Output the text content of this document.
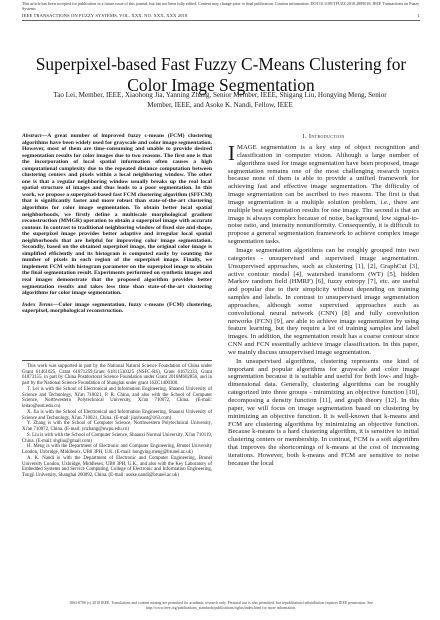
This article has been accepted for publication in a future issue of this journal, but has not been fully edited. Content may change prior to final publication. Citation information: DOI 10.1109/TFUZZ.2018.2889018, IEEE Transactions on Fuzzy Systems
IEEE TRANSACTIONS ON FUZZY SYSTEMS, VOL. XXX, NO. XXX, XXX 2018	1
Superpixel-based Fast Fuzzy C-Means Clustering for Color Image Segmentation
Tao Lei, Member, IEEE, Xiaohong Jia, Yanning Zhang, Senior Member, IEEE, Shigang Liu, Hongying Meng, Senior Member, IEEE, and Asoke K. Nandi, Fellow, IEEE

Abstract—A great number of improved fuzzy c-means (FCM) clustering algorithms have been widely used for grayscale and color image segmentation. However, most of them are time-consuming and unable to provide desired segmentation results for color images due to two reasons. The first one is that the incorporation of local spatial information often causes a high computational complexity due to the repeated distance computation between clustering centers and pixels within a local neighboring window. The other one is that a regular neighboring window usually breaks up the real local spatial structure of images and thus leads to a poor segmentation. In this work, we propose a superpixel-based fast FCM clustering algorithm (SFFCM) that is significantly faster and more robust than state-of-the-art clustering algorithms for color image segmentation. To obtain better local spatial neighborhoods, we firstly define a multiscale morphological gradient reconstruction (MMGR) operation to obtain a superpixel image with accurate contour. In contrast to traditional neighboring window of fixed size and shape, the superpixel image provides better adaptive and irregular local spatial neighborhoods that are helpful for improving color image segmentation. Secondly, based on the obtained superpixel image, the original color image is simplified efficiently and its histogram is computed easily by counting the number of pixels in each region of the superpixel image. Finally, we implement FCM with histogram parameter on the superpixel image to obtain the final segmentation result. Experiments performed on synthetic images and real images demonstrate that the proposed algorithm provides better segmentation results and takes less time than state-of-the-art clustering algorithms for color image segmentation.

Index Terms—Color image segmentation, fuzzy c-means (FCM) clustering, superpixel, morphological reconstruction.

This work was supported in part by the National Natural Science Foundation of China under Grant 61461025, Grant 61871259,Grant 61811530325 (NSFC-RS), Grant 61672333, Grant 61873155, in part by China Postdoctoral Science Foundation under Grant 2016M602856, and in part by the National Science Foundation of Shanghai under grant 16ZC1400300.

T. Lei is with the School of Electronical and Information Engineering, Shaanxi University of Science and Technology, Xi'an 710021, P. R. China, and also with the School of Computer Science, Northwestern Polytechnical University, Xi'an 710072, China. (E-mail: leitao@sust.edu.cn)

X. Jia is with the School of Electronical and Information Engineering, Shaanxi University of Science and Technology, Xi'an 710021, China. (E-mail: jiaxhsust@163.com)

Y. Zhang is with the School of Computer Science, Northwestern Polytechnical University, Xi'an 710072, China. (E-mail: ynzhang@nwpu.edu.cn)

S. Liu is with with the School of Computer Science, Shaanxi Normal University, Xi'an 710119, China. (E-mail: shgliu@gmail.com)

H. Meng is with the Department of Electronic and Computer Engineering, Brunel University London, Uxbridge, Middlesex, UB8 3PH, U.K. (E-mail: hongying.meng@brunel.ac.uk)

A. K. Nandi is with the Department of Electronic and Computer Engineering, Brunel University London, Uxbridge, Middlesex, UB8 3PH, U.K., and also with the Key Laboratory of Embedded Systems and Service Computing, College of Electronic and Information Engineering, Tongji University, Shanghai 200092, China. (E-mail: asoke.nandi@brunel.ac.uk)

I. Introduction

IMAGE segmentation is a key step of object recognition and classification in computer vision. Although a large number of algorithms used for image segmentation have been proposed, image segmentation remains one of the most challenging research topics because none of them is able to provide a unified framework for achieving fast and effective image segmentation. The difficulty of image segmentation can be ascribed to two reasons. The first is that image segmentation is a multiple solution problem, i.e., there are multiple best segmentation results for one image. The second is that an image is always complex because of noise, background, low signal-to-noise ratio, and intensity nonuniformity. Consequently, it is difficult to propose a general segmentation framework to achieve complex image segmentation tasks.

Image segmentation algorithms can be roughly grouped into two categories - unsupervised and supervised image segmentation. Unsupervised approaches, such as clustering [1], [2], GraphCut [3], active contour model [4], watershed transform (WT) [5], hidden Markov random field (HMRF) [6], fuzzy entropy [7], etc. are useful and popular due to their simplicity without depending on training samples and labels. In contrast to unsupervised image segmentation approaches, although some supervised approaches such as convolutional neural network (CNN) [8] and fully convolution networks (FCN) [9], are able to achieve image segmentation by using feature learning, but they require a lot of training samples and label images. In addition, the segmentation result has a coarse contour since CNN and FCN essentially achieve image classification. In this paper, we mainly discuss unsupervised image segmentation.

In unsupervised algorithms, clustering represents one kind of important and popular algorithms for grayscale and color image segmentation because it is suitable and useful for both low- and high-dimensional data. Generally, clustering algorithms can be roughly categorized into three groups - minimizing an objective function [10], decomposing a density function [11], and graph theory [12]. In this paper, we will focus on image segmentation based on clustering by minimizing an objective function. It is well-known that k-means and FCM are clustering algorithms by minimizing an objective function. Because k-means is a hard clustering algorithm, it is sensitive to initial clustering centers or membership. In contrast, FCM is a soft algorithm that improves the shortcomings of k-means at the cost of increasing iterations. However, both k-means and FCM are sensitive to noise because the local

1063-6706 (c) 2018 IEEE. Translations and content mining are permitted for academic research only. Personal use is also permitted, but republication/redistribution requires IEEE permission. See http://www.ieee.org/publications_standards/publications/rights/index.html for more information.
